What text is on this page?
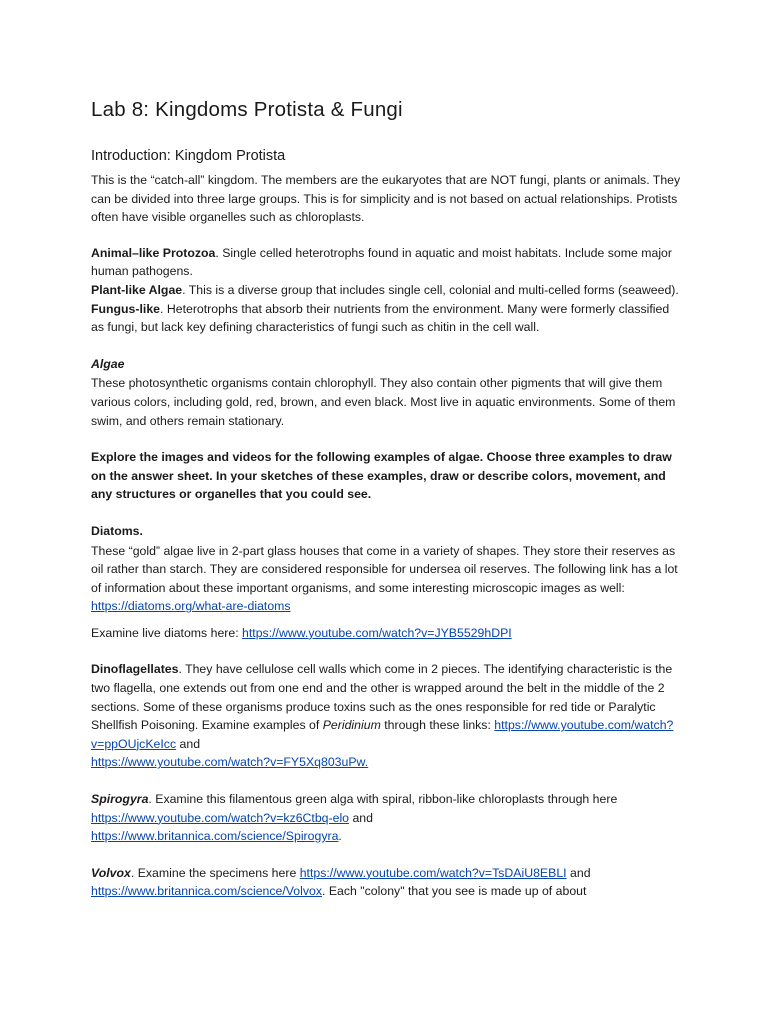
Lab 8: Kingdoms Protista & Fungi
Introduction: Kingdom Protista

This is the “catch-all” kingdom. The members are the eukaryotes that are NOT fungi, plants or animals. They can be divided into three large groups. This is for simplicity and is not based on actual relationships. Protists often have visible organelles such as chloroplasts.

Animal–like Protozoa. Single celled heterotrophs found in aquatic and moist habitats. Include some major human pathogens.

Plant-like Algae. This is a diverse group that includes single cell, colonial and multi-celled forms (seaweed).

Fungus-like. Heterotrophs that absorb their nutrients from the environment. Many were formerly classified as fungi, but lack key defining characteristics of fungi such as chitin in the cell wall.

Algae

These photosynthetic organisms contain chlorophyll. They also contain other pigments that will give them various colors, including gold, red, brown, and even black. Most live in aquatic environments. Some of them swim, and others remain stationary.

Explore the images and videos for the following examples of algae. Choose three examples to draw on the answer sheet. In your sketches of these examples, draw or describe colors, movement, and any structures or organelles that you could see.

Diatoms.

These “gold” algae live in 2-part glass houses that come in a variety of shapes. They store their reserves as oil rather than starch. They are considered responsible for undersea oil reserves. The following link has a lot of information about these important organisms, and some interesting microscopic images as well: https://diatoms.org/what-are-diatoms

Examine live diatoms here: https://www.youtube.com/watch?v=JYB5529hDPI

Dinoflagellates. They have cellulose cell walls which come in 2 pieces. The identifying characteristic is the two flagella, one extends out from one end and the other is wrapped around the belt in the middle of the 2 sections. Some of these organisms produce toxins such as the ones responsible for red tide or Paralytic Shellfish Poisoning. Examine examples of Peridinium through these links: https://www.youtube.com/watch?v=ppOUjcKeIcc and
https://www.youtube.com/watch?v=FY5Xq803uPw.

Spirogyra. Examine this filamentous green alga with spiral, ribbon-like chloroplasts through here https://www.youtube.com/watch?v=kz6Ctbq-elo and
https://www.britannica.com/science/Spirogyra.

Volvox. Examine the specimens here https://www.youtube.com/watch?v=TsDAiU8EBLI and
https://www.britannica.com/science/Volvox. Each "colony" that you see is made up of about
